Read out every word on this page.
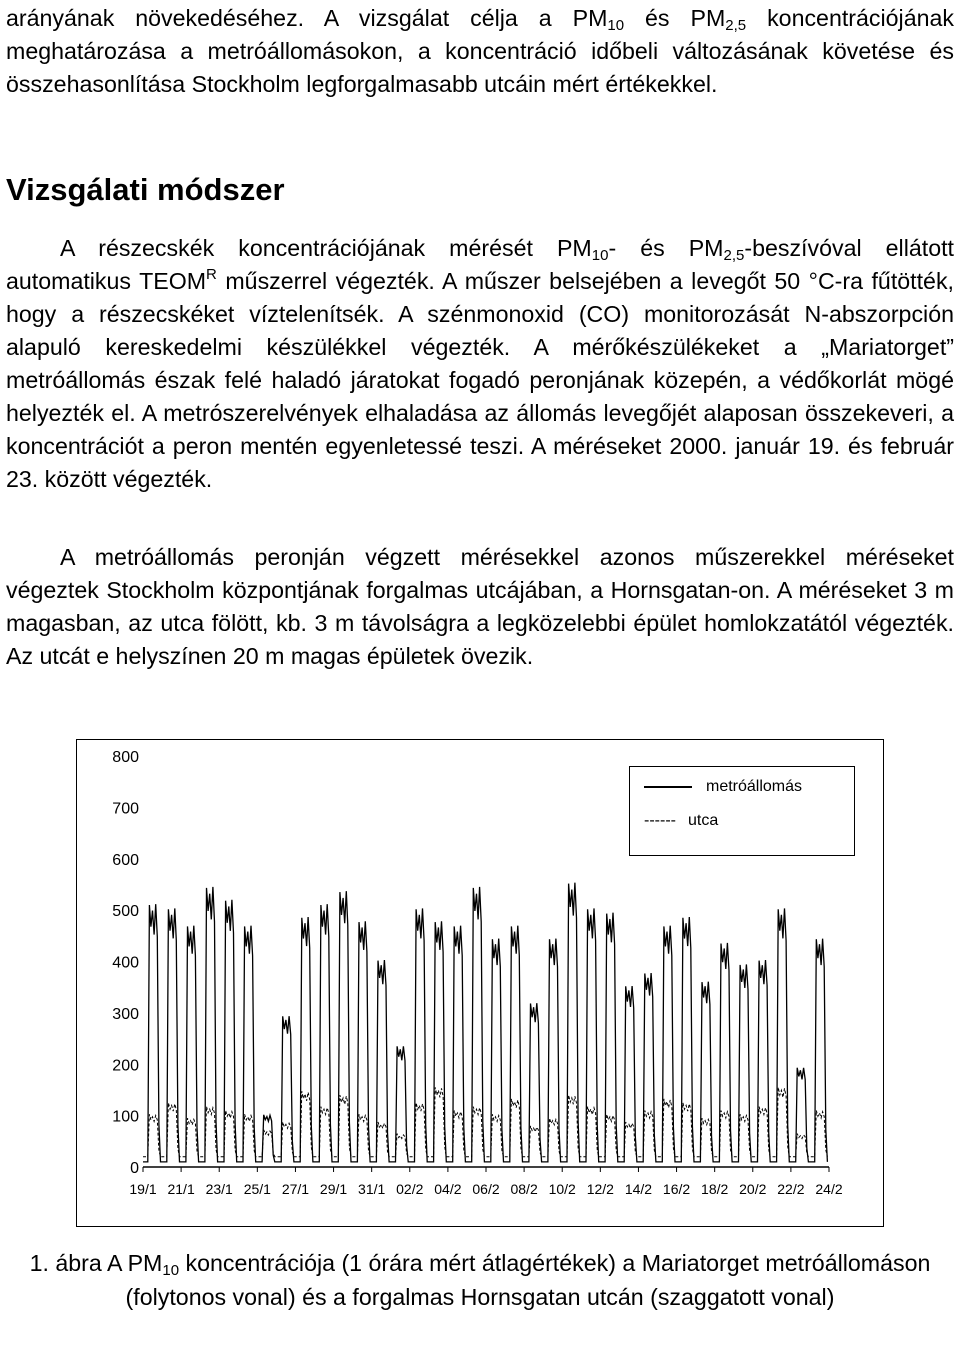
arányának növekedéséhez. A vizsgálat célja a $PM_{10}$ és $PM_{2,5}$ koncentrációjának meghatározása a metróállomásokon, a koncentráció időbeli változásának követése és összehasonlítása Stockholm legforgalmasabb utcáin mért értékekkel.
Vizsgálati módszer
A részecskék koncentrációjának mérését $PM_{10}-$ és $PM_{2,5}$-beszívóval ellátott automatikus $TEOM^R$ műszerrel végezték. A műszer belsejében a levegőt 50 °C-ra fűtötték, hogy a részecskéket víztelenítsék. A szénmonoxid (CO) monitorozását N-abszorpción alapuló kereskedelmi készülékkel végezték. A mérőkészülékeket a „Mariatorget” metróállomás észak felé haladó járatokat fogadó peronjának közepén, a védőkorlát mögé helyezték el. A metrószerelvények elhaladása az állomás levegőjét alaposan összekeveri, a koncentrációt a peron mentén egyenletessé teszi. A méréseket 2000. január 19. és február 23. között végezték.
A metróállomás peronján végzett mérésekkel azonos műszerekkel méréseket végeztek Stockholm központjának forgalmas utcájában, a Hornsgatan-on. A méréseket 3 m magasban, az utca fölött, kb. 3 m távolságra a legközelebbi épület homlokzatától végezték. Az utcát e helyszínen 20 m magas épületek övezik.
0
100
200
300
400
500
600
700
800
19/1 21/1 23/1 25/1 27/1 29/1 31/1 02/2 04/2 06/2 08/2 10/2 12/2 14/2 16/2 18/2 20/2 22/2 24/2
metróállomás
------ utca
1. ábra A $PM_{10}$ koncentrációja (1 órára mért átlagértékek) a Mariatorget metróállomáson (folytonos vonal) és a forgalmas Hornsgatan utcán (szaggatott vonal)
